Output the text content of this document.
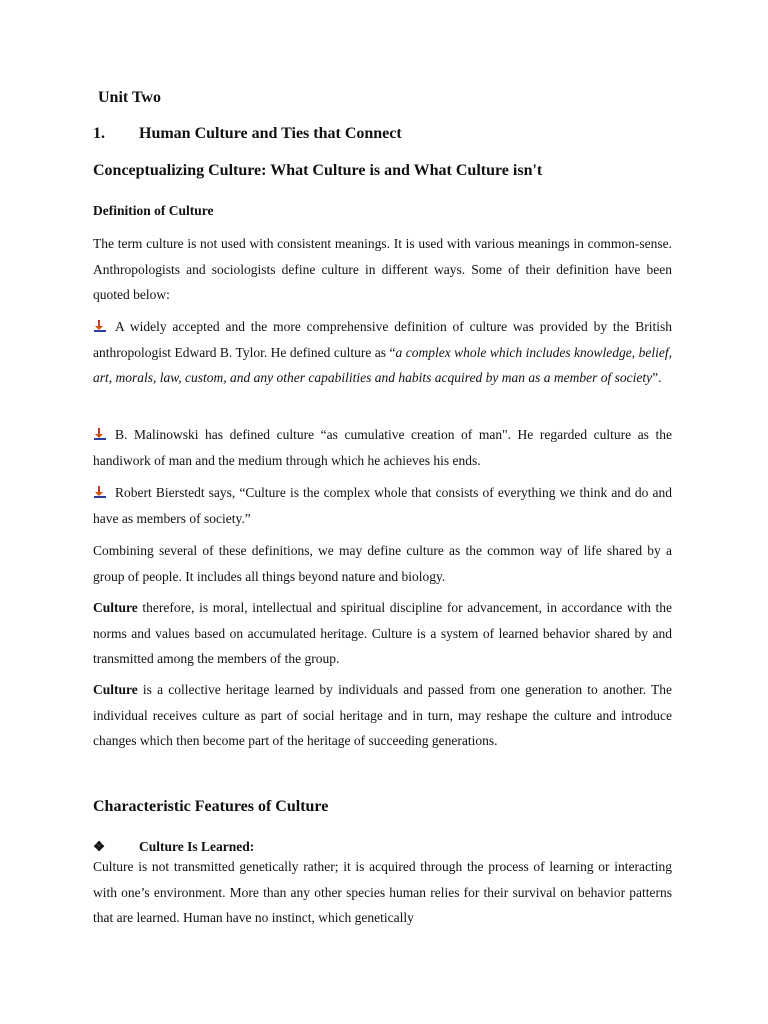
Unit Two
1. Human Culture and Ties that Connect
Conceptualizing Culture: What Culture is and What Culture isn't
Definition of Culture

The term culture is not used with consistent meanings. It is used with various meanings in common-sense. Anthropologists and sociologists define culture in different ways. Some of their definition have been quoted below:

A widely accepted and the more comprehensive definition of culture was provided by the British anthropologist Edward B. Tylor. He defined culture as “a complex whole which includes knowledge, belief, art, morals, law, custom, and any other capabilities and habits acquired by man as a member of society”.

B. Malinowski has defined culture “as cumulative creation of man". He regarded culture as the handiwork of man and the medium through which he achieves his ends.

Robert Bierstedt says, “Culture is the complex whole that consists of everything we think and do and have as members of society.”

Combining several of these definitions, we may define culture as the common way of life shared by a group of people. It includes all things beyond nature and biology.

Culture therefore, is moral, intellectual and spiritual discipline for advancement, in accordance with the norms and values based on accumulated heritage. Culture is a system of learned behavior shared by and transmitted among the members of the group.

Culture is a collective heritage learned by individuals and passed from one generation to another. The individual receives culture as part of social heritage and in turn, may reshape the culture and introduce changes which then become part of the heritage of succeeding generations.

Characteristic Features of Culture
❖	Culture Is Learned:

Culture is not transmitted genetically rather; it is acquired through the process of learning or interacting with one’s environment. More than any other species human relies for their survival on behavior patterns that are learned. Human have no instinct, which genetically
